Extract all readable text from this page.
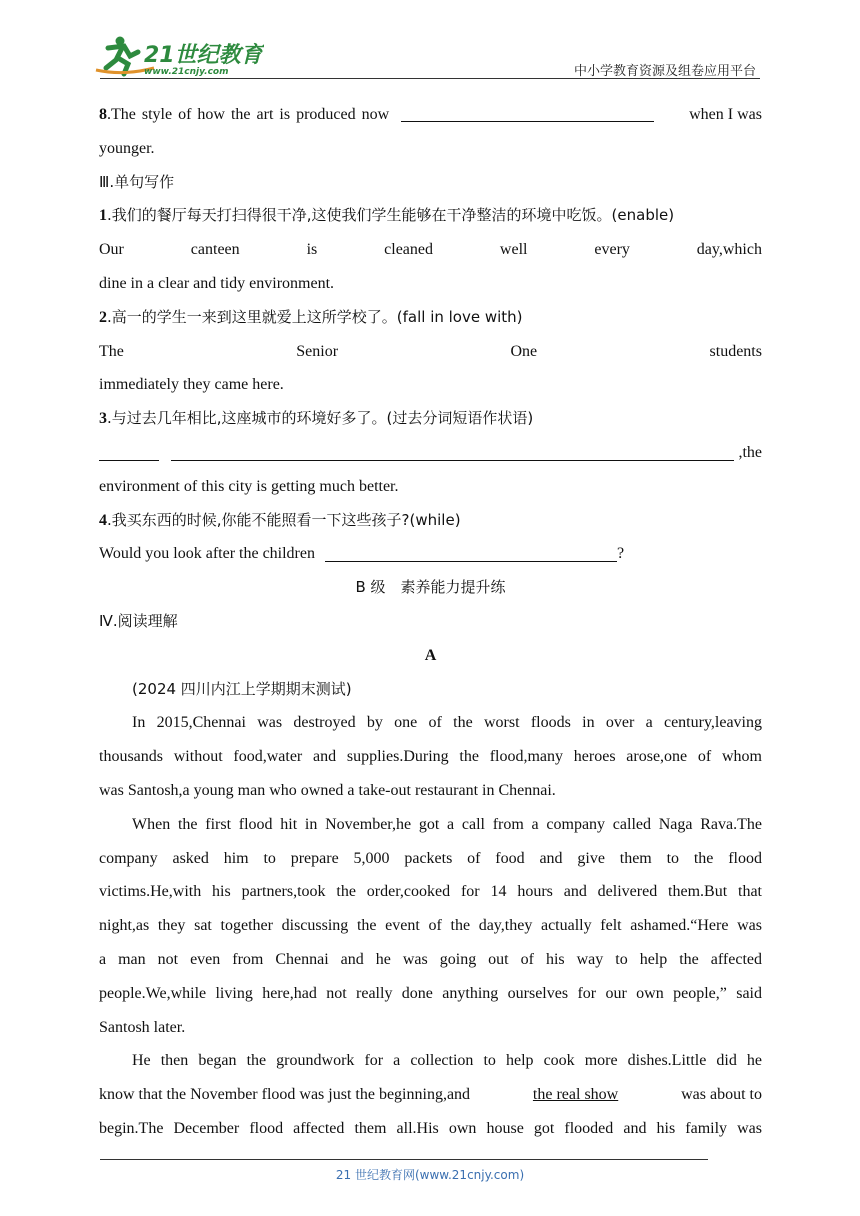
21世纪教育
www.21cnjy.com	中小学教育资源及组卷应用平台
8 .The style of how the art is produced now	when I was
younger.
Ⅲ.单句写作
1.我们的餐厅每天打扫得很干净,这使我们学生能够在干净整洁的环境中吃饭。(enable)
Our	canteen	is	cleaned	well	every	day,which
dine in a clear and tidy environment.
2.高一的学生一来到这里就爱上这所学校了。(fall in love with)
The	Senior	One	students
immediately they came here.
3.与过去几年相比,这座城市的环境好多了。(过去分词短语作状语)
,the
environment of this city is getting much better.
4.我买东西的时候,你能不能照看一下这些孩子?(while)
Would you look after the children	?
B 级　素养能力提升练
Ⅳ.阅读理解
A
(2024 四川内江上学期期末测试)
In 2015,Chennai was destroyed by one of the worst floods in over a century,leaving
thousands without food,water and supplies.During the flood,many heroes arose,one of whom
was Santosh,a young man who owned a take-out restaurant in Chennai.
When the first flood hit in November,he got a call from a company called Naga Rava.The
company asked him to prepare 5,000 packets of food and give them to the flood
victims.He,with his partners,took the order,cooked for 14 hours and delivered them.But that
night,as they sat together discussing the event of the day,they actually felt ashamed.“Here was
a man not even from Chennai and he was going out of his way to help the affected
people.We,while living here,had not really done anything ourselves for our own people,” said
Santosh later.
He then began the groundwork for a collection to help cook more dishes.Little did he
know that the November flood was just the beginning,and	the real show	was about to
begin.The December flood affected them all.His own house got flooded and his family was
21 世纪教育网(www.21cnjy.com)
